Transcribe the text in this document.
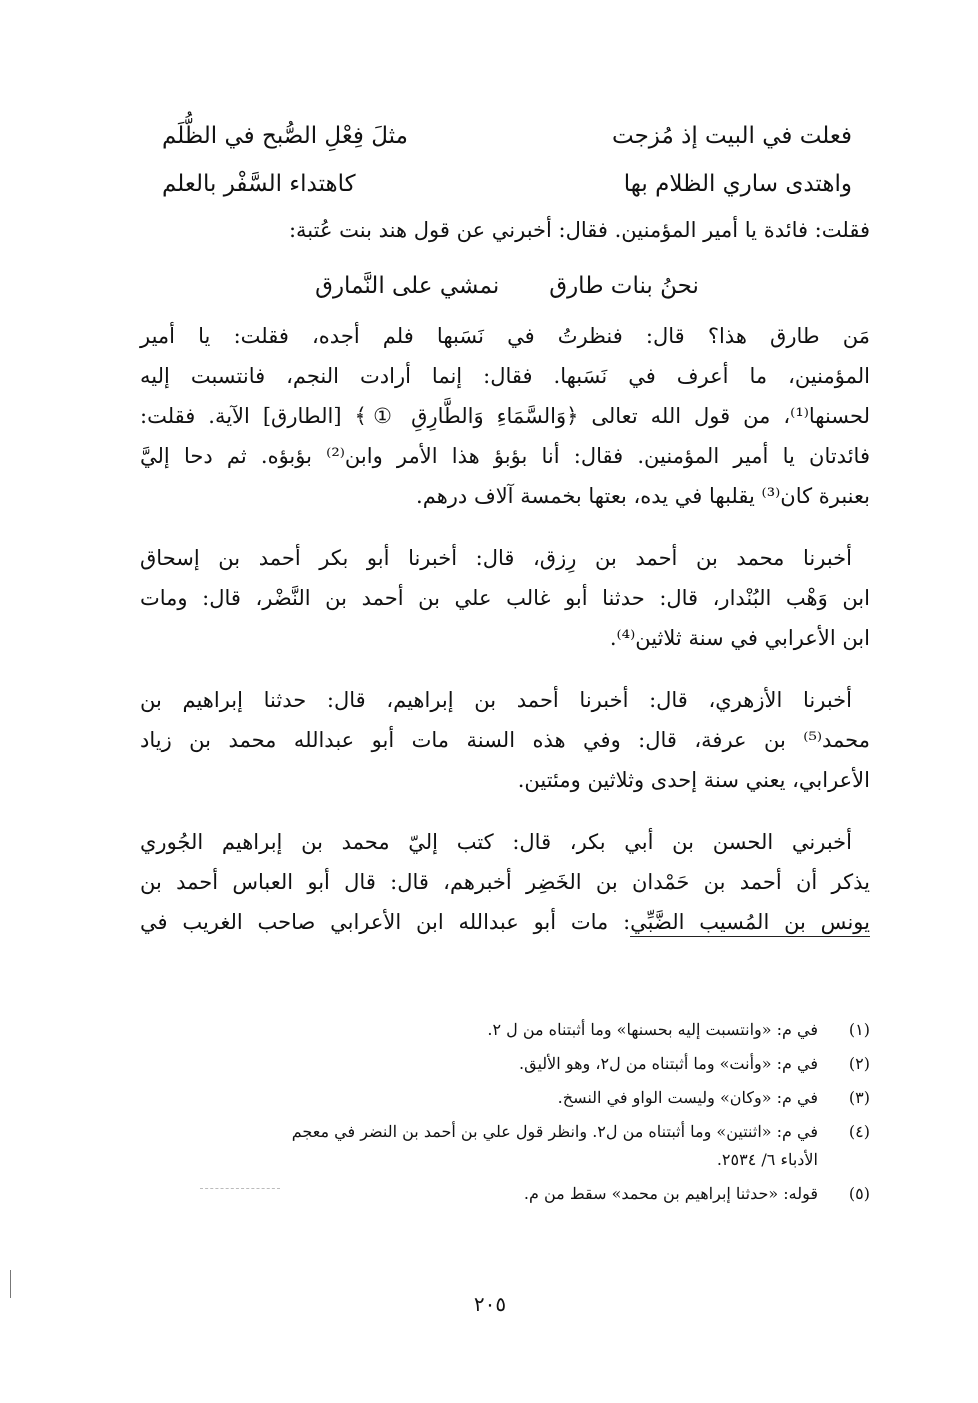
فعلت في البيت إذ مُزجت
مثلَ فِعْلِ الصُّبح في الظُّلَم
واهتدى ساري الظلام بها
كاهتداء السَّفْر بالعلم
فقلت: فائدة يا أمير المؤمنين. فقال: أخبرني عن قول هند بنت عُتبة:
نحنُ بنات طارق
نمشي على النَّمارق
مَن طارق هذا؟ قال: فنظرتُ في نَسَبها فلم أجده، فقلت: يا أمير
المؤمنين، ما أعرف في نَسَبها. فقال: إنما أرادت النجم، فانتسبت إليه
لحسنها⁽¹⁾، من قول الله تعالى ﴿وَالسَّمَاءِ وَالطَّارِقِ ①﴾ [الطارق] الآية. فقلت:
فائدتان يا أمير المؤمنين. فقال: أنا بؤبؤ هذا الأمر وابن⁽²⁾ بؤبؤه. ثم دحا إليَّ
بعنبرة كان⁽³⁾ يقلبها في يده، بعتها بخمسة آلاف درهم.
أخبرنا محمد بن أحمد بن رِزق، قال: أخبرنا أبو بكر أحمد بن إسحاق
ابن وَهْب البُنْدار، قال: حدثنا أبو غالب علي بن أحمد بن النَّضْر، قال: ومات
ابن الأعرابي في سنة ثلاثين⁽⁴⁾.
أخبرنا الأزهري، قال: أخبرنا أحمد بن إبراهيم، قال: حدثنا إبراهيم بن
محمد⁽⁵⁾ بن عرفة، قال: وفي هذه السنة مات أبو عبدالله محمد بن زياد
الأعرابي، يعني سنة إحدى وثلاثين ومئتين.
أخبرني الحسن بن أبي بكر، قال: كتب إليّ محمد بن إبراهيم الجُوري
يذكر أن أحمد بن حَمْدان بن الخَضِر أخبرهم، قال: قال أبو العباس أحمد بن
يونس بن المُسيب الضَّبِّي: مات أبو عبدالله ابن الأعرابي صاحب الغريب في
(١)
في م: «وانتسبت إليه بحسنها» وما أثبتناه من ل ٢.
(٢)
في م: «وأنت» وما أثبتناه من ل٢، وهو الأليق.
(٣)
في م: «وكان» وليست الواو في النسخ.
(٤)
في م: «اثنتين» وما أثبتناه من ل٢. وانظر قول علي بن أحمد بن النضر في معجم
الأدباء ٦/ ٢٥٣٤.
(٥)
قوله: «حدثنا إبراهيم بن محمد» سقط من م.
٢٠٥
